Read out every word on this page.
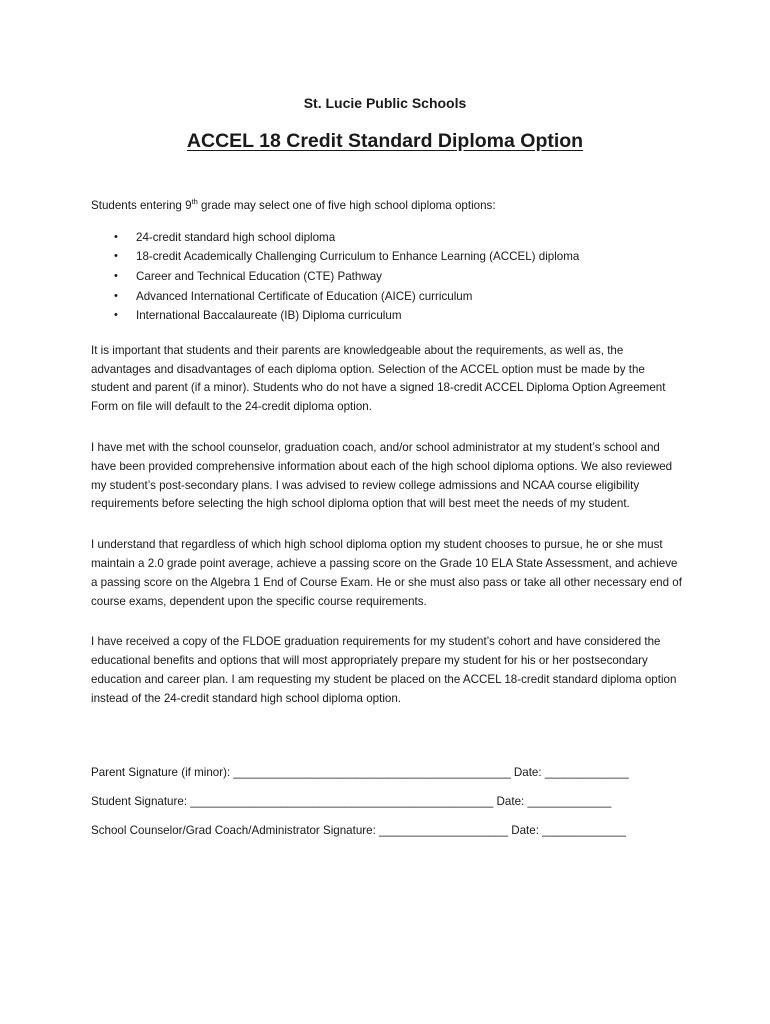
St. Lucie Public Schools
ACCEL 18 Credit Standard Diploma Option

Students entering 9th grade may select one of five high school diploma options:

• 24-credit standard high school diploma
• 18-credit Academically Challenging Curriculum to Enhance Learning (ACCEL) diploma
• Career and Technical Education (CTE) Pathway
• Advanced International Certificate of Education (AICE) curriculum
• International Baccalaureate (IB) Diploma curriculum

It is important that students and their parents are knowledgeable about the requirements, as well as, the advantages and disadvantages of each diploma option. Selection of the ACCEL option must be made by the student and parent (if a minor). Students who do not have a signed 18-credit ACCEL Diploma Option Agreement Form on file will default to the 24-credit diploma option.

I have met with the school counselor, graduation coach, and/or school administrator at my student’s school and have been provided comprehensive information about each of the high school diploma options. We also reviewed my student’s post-secondary plans. I was advised to review college admissions and NCAA course eligibility requirements before selecting the high school diploma option that will best meet the needs of my student.

I understand that regardless of which high school diploma option my student chooses to pursue, he or she must maintain a 2.0 grade point average, achieve a passing score on the Grade 10 ELA State Assessment, and achieve a passing score on the Algebra 1 End of Course Exam. He or she must also pass or take all other necessary end of course exams, dependent upon the specific course requirements.

I have received a copy of the FLDOE graduation requirements for my student’s cohort and have considered the educational benefits and options that will most appropriately prepare my student for his or her postsecondary education and career plan. I am requesting my student be placed on the ACCEL 18-credit standard diploma option instead of the 24-credit standard high school diploma option.

Parent Signature (if minor): ___________________________________________ Date: _____________
Student Signature: _______________________________________________ Date: _____________
School Counselor/Grad Coach/Administrator Signature: ____________________ Date: _____________
